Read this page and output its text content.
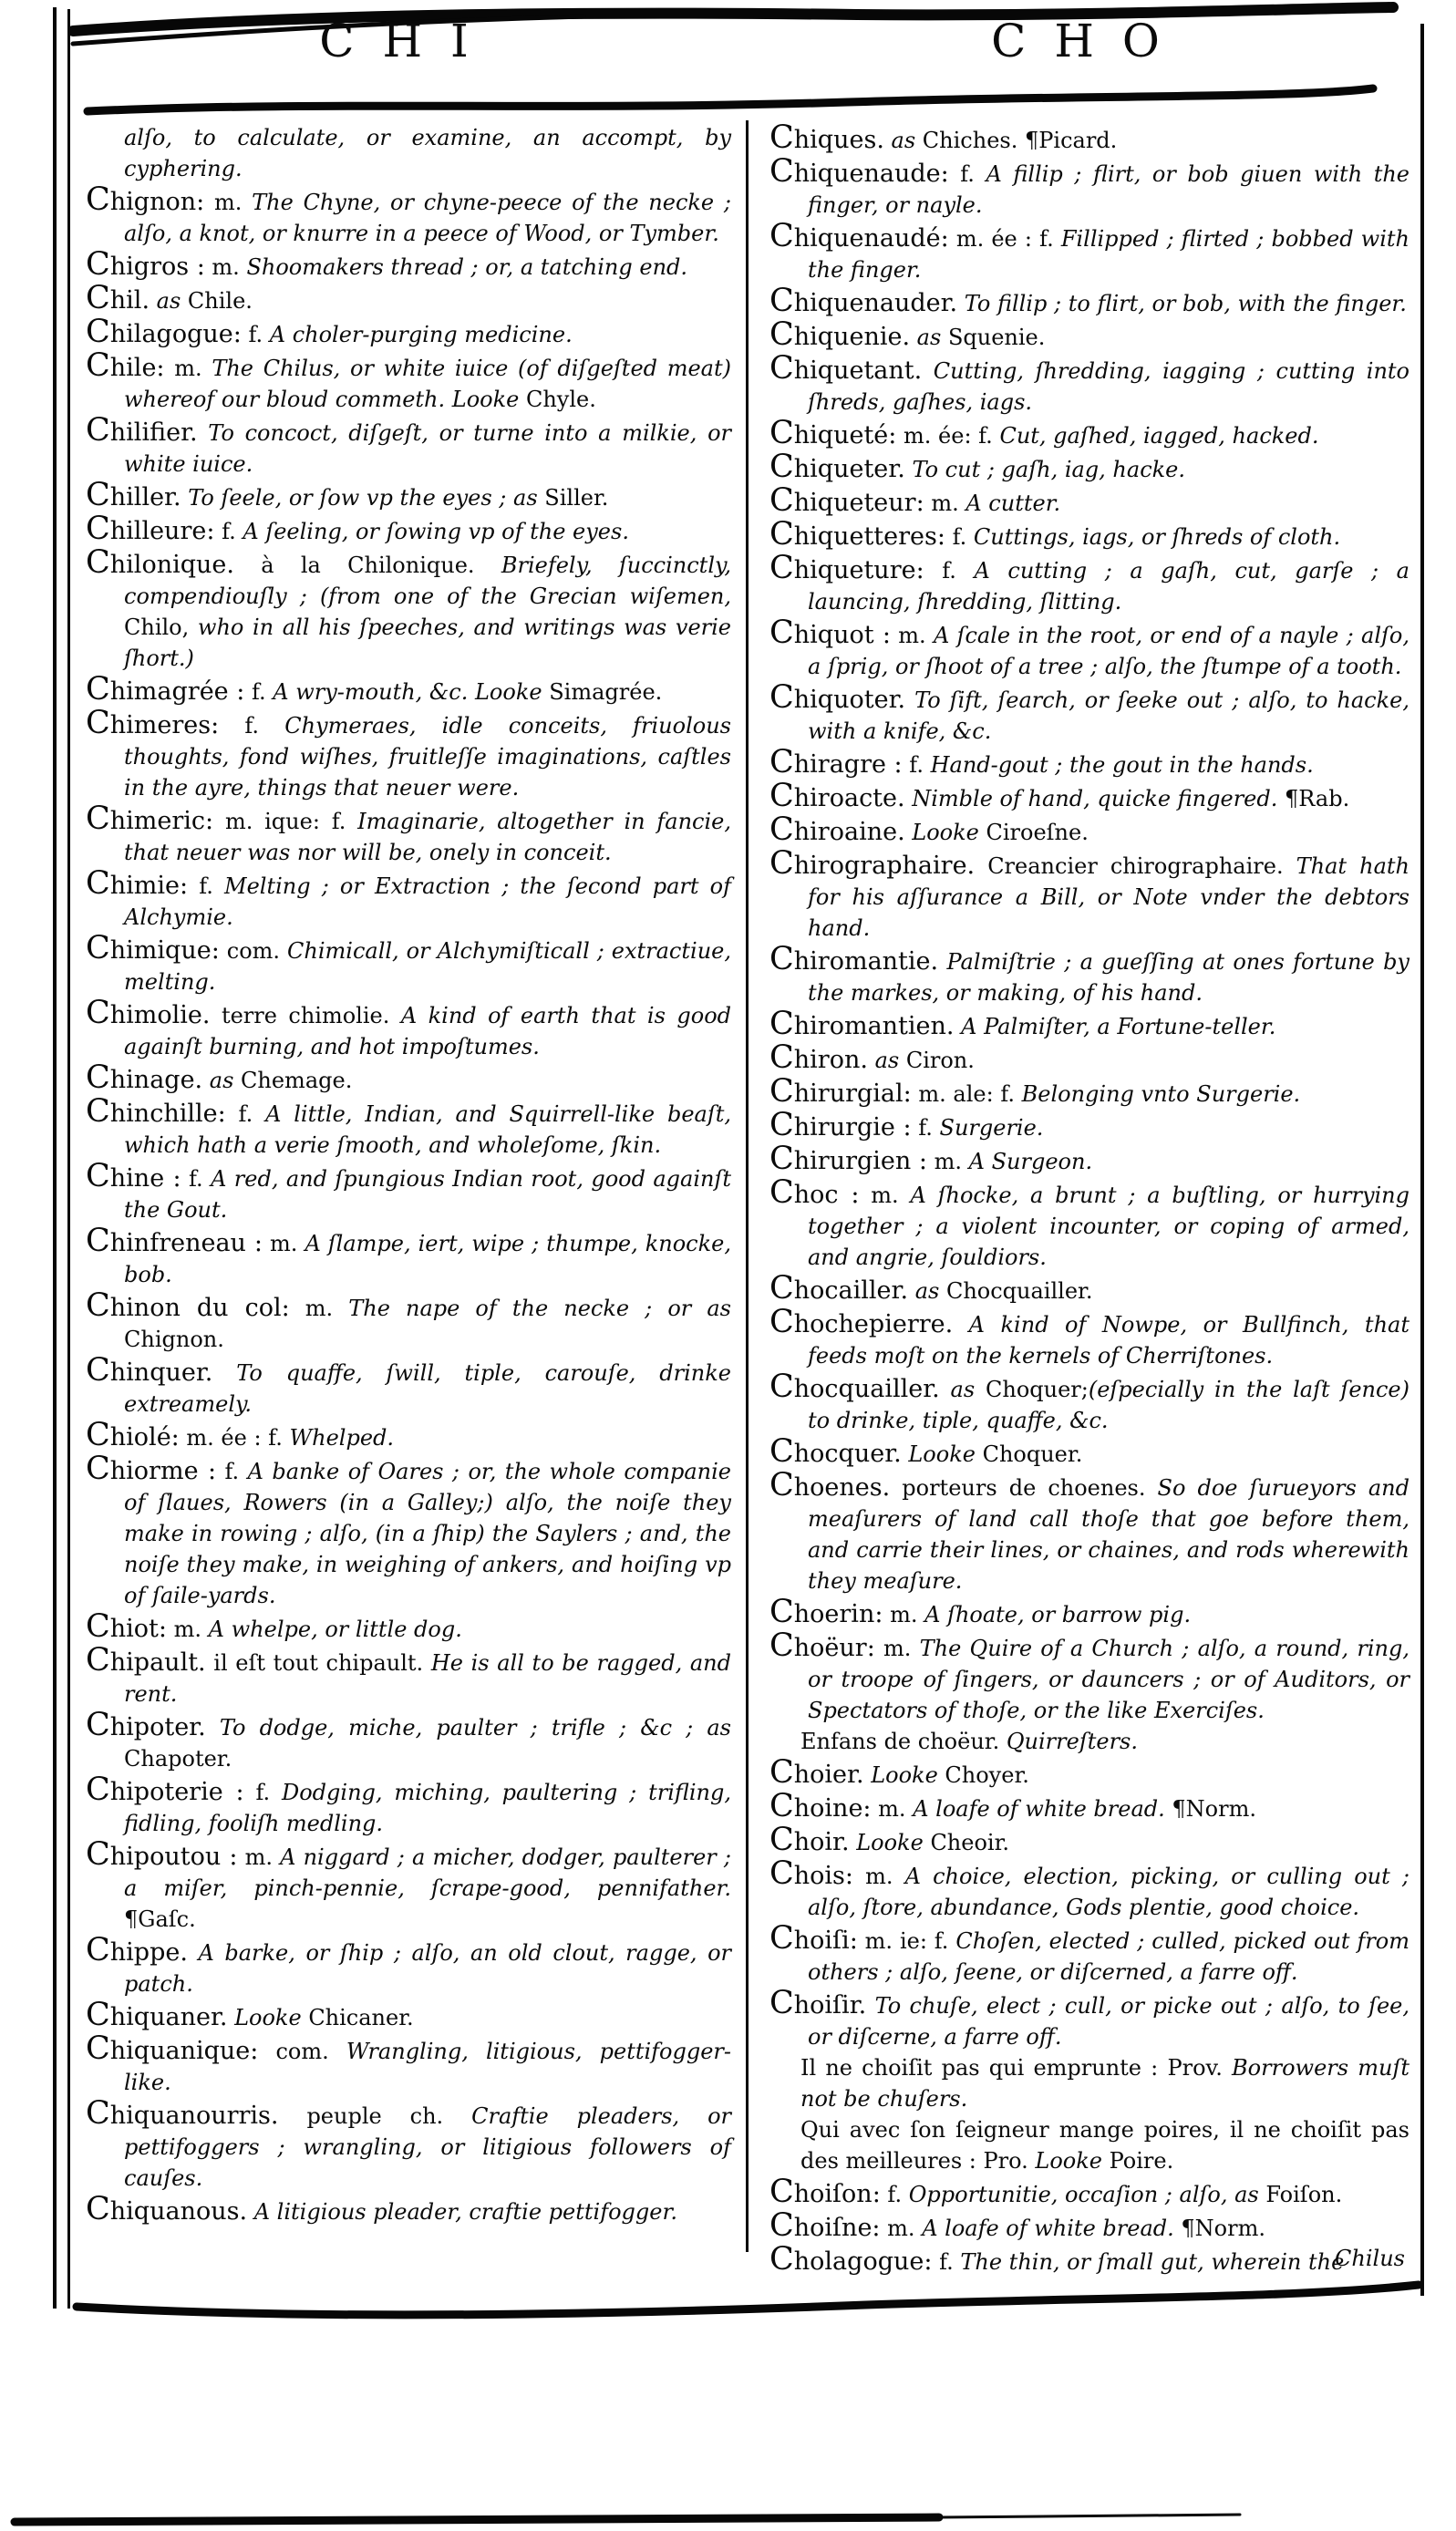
CHI	CHO

alſo, to calculate, or examine, an accompt, by cyphering.

Chignon: m. The Chyne, or chyne-peece of the necke ; alſo, a knot, or knurre in a peece of Wood, or Tymber.

Chigros : m. Shoomakers thread ; or, a tatching end.

Chil. as Chile.

Chilagogue: f. A choler-purging medicine.

Chile: m. The Chilus, or white iuice (of diſgeſted meat) whereof our bloud commeth. Looke Chyle.

Chilifier. To concoct, diſgeſt, or turne into a milkie, or white iuice.

Chiller. To ſeele, or ſow vp the eyes ; as Siller.

Chilleure: f. A ſeeling, or ſowing vp of the eyes.

Chilonique. à la Chilonique. Briefely, ſuccinctly, compendiouſly ; (from one of the Grecian wiſemen, Chilo, who in all his ſpeeches, and writings was verie ſhort.)

Chimagrée : f. A wry-mouth, &c. Looke Simagrée.

Chimeres: f. Chymeraes, idle conceits, friuolous thoughts, fond wiſhes, fruitleſſe imaginations, caſtles in the ayre, things that neuer were.

Chimeric: m. ique: f. Imaginarie, altogether in fancie, that neuer was nor will be, onely in conceit.

Chimie: f. Melting ; or Extraction ; the ſecond part of Alchymie.

Chimique: com. Chimicall, or Alchymiſticall ; extractiue, melting.

Chimolie. terre chimolie. A kind of earth that is good againſt burning, and hot impoſtumes.

Chinage. as Chemage.

Chinchille: f. A little, Indian, and Squirrell-like beaſt, which hath a verie ſmooth, and wholeſome, ſkin.

Chine : f. A red, and ſpungious Indian root, good againſt the Gout.

Chinfreneau : m. A ſlampe, iert, wipe ; thumpe, knocke, bob.

Chinon du col: m. The nape of the necke ; or as Chignon.

Chinquer. To quaffe, ſwill, tiple, carouſe, drinke extreamely.

Chiolé: m. ée : f. Whelped.

Chiorme : f. A banke of Oares ; or, the whole companie of ſlaues, Rowers (in a Galley;) alſo, the noiſe they make in rowing ; alſo, (in a ſhip) the Saylers ; and, the noiſe they make, in weighing of ankers, and hoiſing vp of ſaile-yards.

Chiot: m. A whelpe, or little dog.

Chipault. il eſt tout chipault. He is all to be ragged, and rent.

Chipoter. To dodge, miche, paulter ; trifle ; &c ; as Chapoter.

Chipoterie : f. Dodging, miching, paultering ; trifling, fidling, fooliſh medling.

Chipoutou : m. A niggard ; a micher, dodger, paulterer ; a miſer, pinch-pennie, ſcrape-good, pennifather. ¶Gaſc.

Chippe. A barke, or ſhip ; alſo, an old clout, ragge, or patch.

Chiquaner. Looke Chicaner.

Chiquanique: com. Wrangling, litigious, pettifogger-like.

Chiquanourris. peuple ch. Craftie pleaders, or pettifoggers ; wrangling, or litigious followers of cauſes.

Chiquanous. A litigious pleader, craftie pettifogger.

Chiques. as Chiches. ¶Picard.

Chiquenaude: f. A fillip ; flirt, or bob giuen with the finger, or nayle.

Chiquenaudé: m. ée : f. Fillipped ; flirted ; bobbed with the finger.

Chiquenauder. To fillip ; to flirt, or bob, with the finger.

Chiquenie. as Squenie.

Chiquetant. Cutting, ſhredding, iagging ; cutting into ſhreds, gaſhes, iags.

Chiqueté: m. ée: f. Cut, gaſhed, iagged, hacked.

Chiqueter. To cut ; gaſh, iag, hacke.

Chiqueteur: m. A cutter.

Chiquetteres: f. Cuttings, iags, or ſhreds of cloth.

Chiqueture: f. A cutting ; a gaſh, cut, garſe ; a launcing, ſhredding, ſlitting.

Chiquot : m. A ſcale in the root, or end of a nayle ; alſo, a ſprig, or ſhoot of a tree ; alſo, the ſtumpe of a tooth.

Chiquoter. To ſift, ſearch, or ſeeke out ; alſo, to hacke, with a knife, &c.

Chiragre : f. Hand-gout ; the gout in the hands.

Chiroacte. Nimble of hand, quicke fingered. ¶Rab.

Chiroaine. Looke Ciroeſne.

Chirographaire. Creancier chirographaire. That hath for his aſſurance a Bill, or Note vnder the debtors hand.

Chiromantie. Palmiſtrie ; a gueſſing at ones fortune by the markes, or making, of his hand.

Chiromantien. A Palmiſter, a Fortune-teller.

Chiron. as Ciron.

Chirurgial: m. ale: f. Belonging vnto Surgerie.

Chirurgie : f. Surgerie.

Chirurgien : m. A Surgeon.

Choc : m. A ſhocke, a brunt ; a buſtling, or hurrying together ; a violent incounter, or coping of armed, and angrie, ſouldiors.

Chocailler. as Chocquailler.

Chochepierre. A kind of Nowpe, or Bullfinch, that feeds moſt on the kernels of Cherriſtones.

Chocquailler. as Choquer;(eſpecially in the laſt ſence) to drinke, tiple, quaffe, &c.

Chocquer. Looke Choquer.

Choenes. porteurs de choenes. So doe ſurueyors and meaſurers of land call thoſe that goe before them, and carrie their lines, or chaines, and rods wherewith they meaſure.

Choerin: m. A ſhoate, or barrow pig.

Choëur: m. The Quire of a Church ; alſo, a round, ring, or troope of ſingers, or dauncers ; or of Auditors, or Spectators of thoſe, or the like Exerciſes.

Enfans de choëur. Quirreſters.

Choier. Looke Choyer.

Choine: m. A loafe of white bread. ¶Norm.

Choir. Looke Cheoir.

Chois: m. A choice, election, picking, or culling out ; alſo, ſtore, abundance, Gods plentie, good choice.

Choiſi: m. ie: f. Choſen, elected ; culled, picked out from others ; alſo, ſeene, or diſcerned, a farre off.

Choiſir. To chuſe, elect ; cull, or picke out ; alſo, to ſee, or diſcerne, a farre off.

Il ne choiſit pas qui emprunte : Prov. Borrowers muſt not be chuſers.

Qui avec ſon ſeigneur mange poires, il ne choiſit pas des meilleures : Pro. Looke Poire.

Choiſon: f. Opportunitie, occaſion ; alſo, as Foiſon.

Choiſne: m. A loafe of white bread. ¶Norm.

Cholagogue: f. The thin, or ſmall gut, wherein the

Chilus
